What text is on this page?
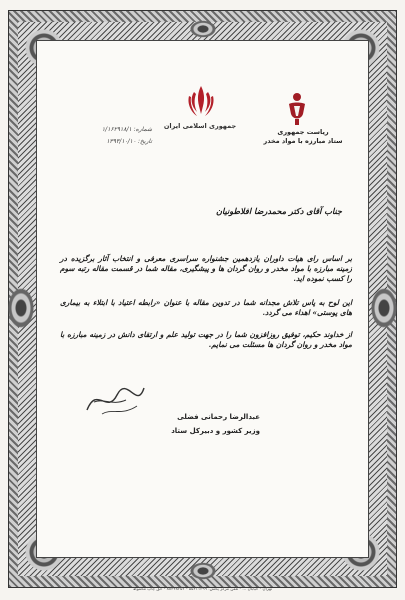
جمهوری اسلامی ایران
ریاست جمهوری
ستاد مبارزه با مواد مخدر
شماره: ۱/۱۶۲۹۱۸/۱
تاریخ: ۱۳۹۳/۱۰/۱۰
جناب آقای دکتر محمدرضا افلاطونیان

بر اساس رای هیات داوران یازدهمین جشنواره سراسری معرفی و انتخاب آثار برگزیده در زمینه مبارزه با مواد مخدر و روان گردان ها و پیشگیری، مقاله شما در قسمت مقاله رتبه سوم را کسب نموده اید.

این لوح به پاس تلاش مجدانه شما در تدوین مقاله با عنوان «رابطه اعتیاد با ابتلاء به بیماری های پوستی» اهداء می گردد.

از خداوند حکیم، توفیق روزافزون شما را در جهت تولید علم و ارتقای دانش در زمینه مبارزه با مواد مخدر و روان گردان ها مسئلت می نمایم.

عبدالرضا رحمانی فضلی
وزیر کشور و دبیرکل ستاد
تهران - خیابان ... - تلفن مرکز پخش: ۵۵۶۱۱۲۹۹ - ۸۸۴۳۸۲۵۲ - حق چاپ محفوظ
